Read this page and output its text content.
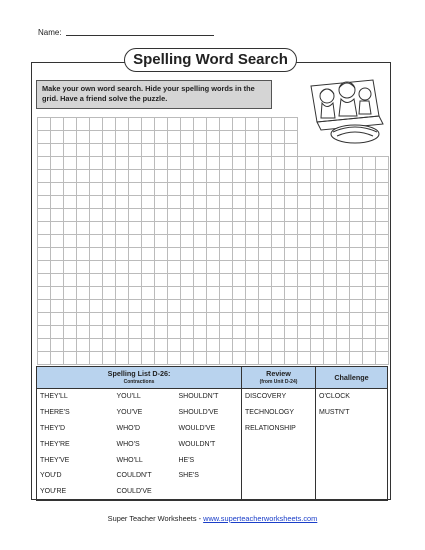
Name:
Spelling Word Search
Make your own word search. Hide your spelling words in the grid. Have a friend solve the puzzle.
Spelling List D-26:
Contractions			Review
(from Unit D-24)	Challenge
THEY'LL	YOU'LL	SHOULDN'T	DISCOVERY	O'CLOCK
THERE'S	YOU'VE	SHOULD'VE	TECHNOLOGY	MUSTN'T
THEY'D	WHO'D	WOULD'VE	RELATIONSHIP	
THEY'RE	WHO'S	WOULDN'T		
THEY'VE	WHO'LL	HE'S		
YOU'D	COULDN'T	SHE'S		
YOU'RE	COULD'VE			
Super Teacher Worksheets - www.superteacherworksheets.com
